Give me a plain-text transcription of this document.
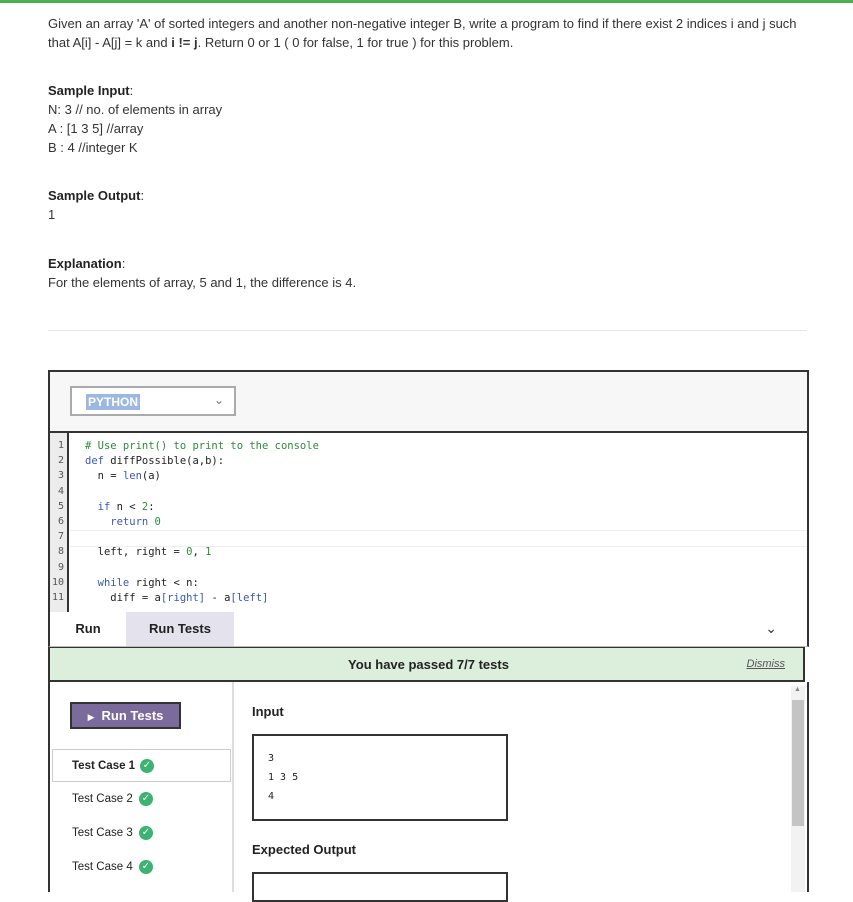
Given an array 'A' of sorted integers and another non-negative integer B, write a program to find if there exist 2 indices i and j such that A[i] - A[j] = k and i != j. Return 0 or 1 ( 0 for false, 1 for true ) for this problem.

Sample Input:
N: 3 // no. of elements in array
A : [1 3 5] //array
B : 4 //integer K
Sample Output:
1
Explanation:
For the elements of array, 5 and 1, the difference is 4.
PYTHON	⌄
1
2
3
4
5
6
7
8
9
10
11
# Use print() to print to the console
def diffPossible(a,b):
n = len(a)
if n < 2:
return 0
left, right = 0, 1
while right < n:
diff = a[right] - a[left]
Run	Run Tests	⌄
You have passed 7/7 tests	Dismiss
▶ Run Tests
Test Case 1 ✓
Test Case 2 ✓
Test Case 3 ✓
Test Case 4 ✓
Input
3
1 3 5
4
Expected Output
▲
